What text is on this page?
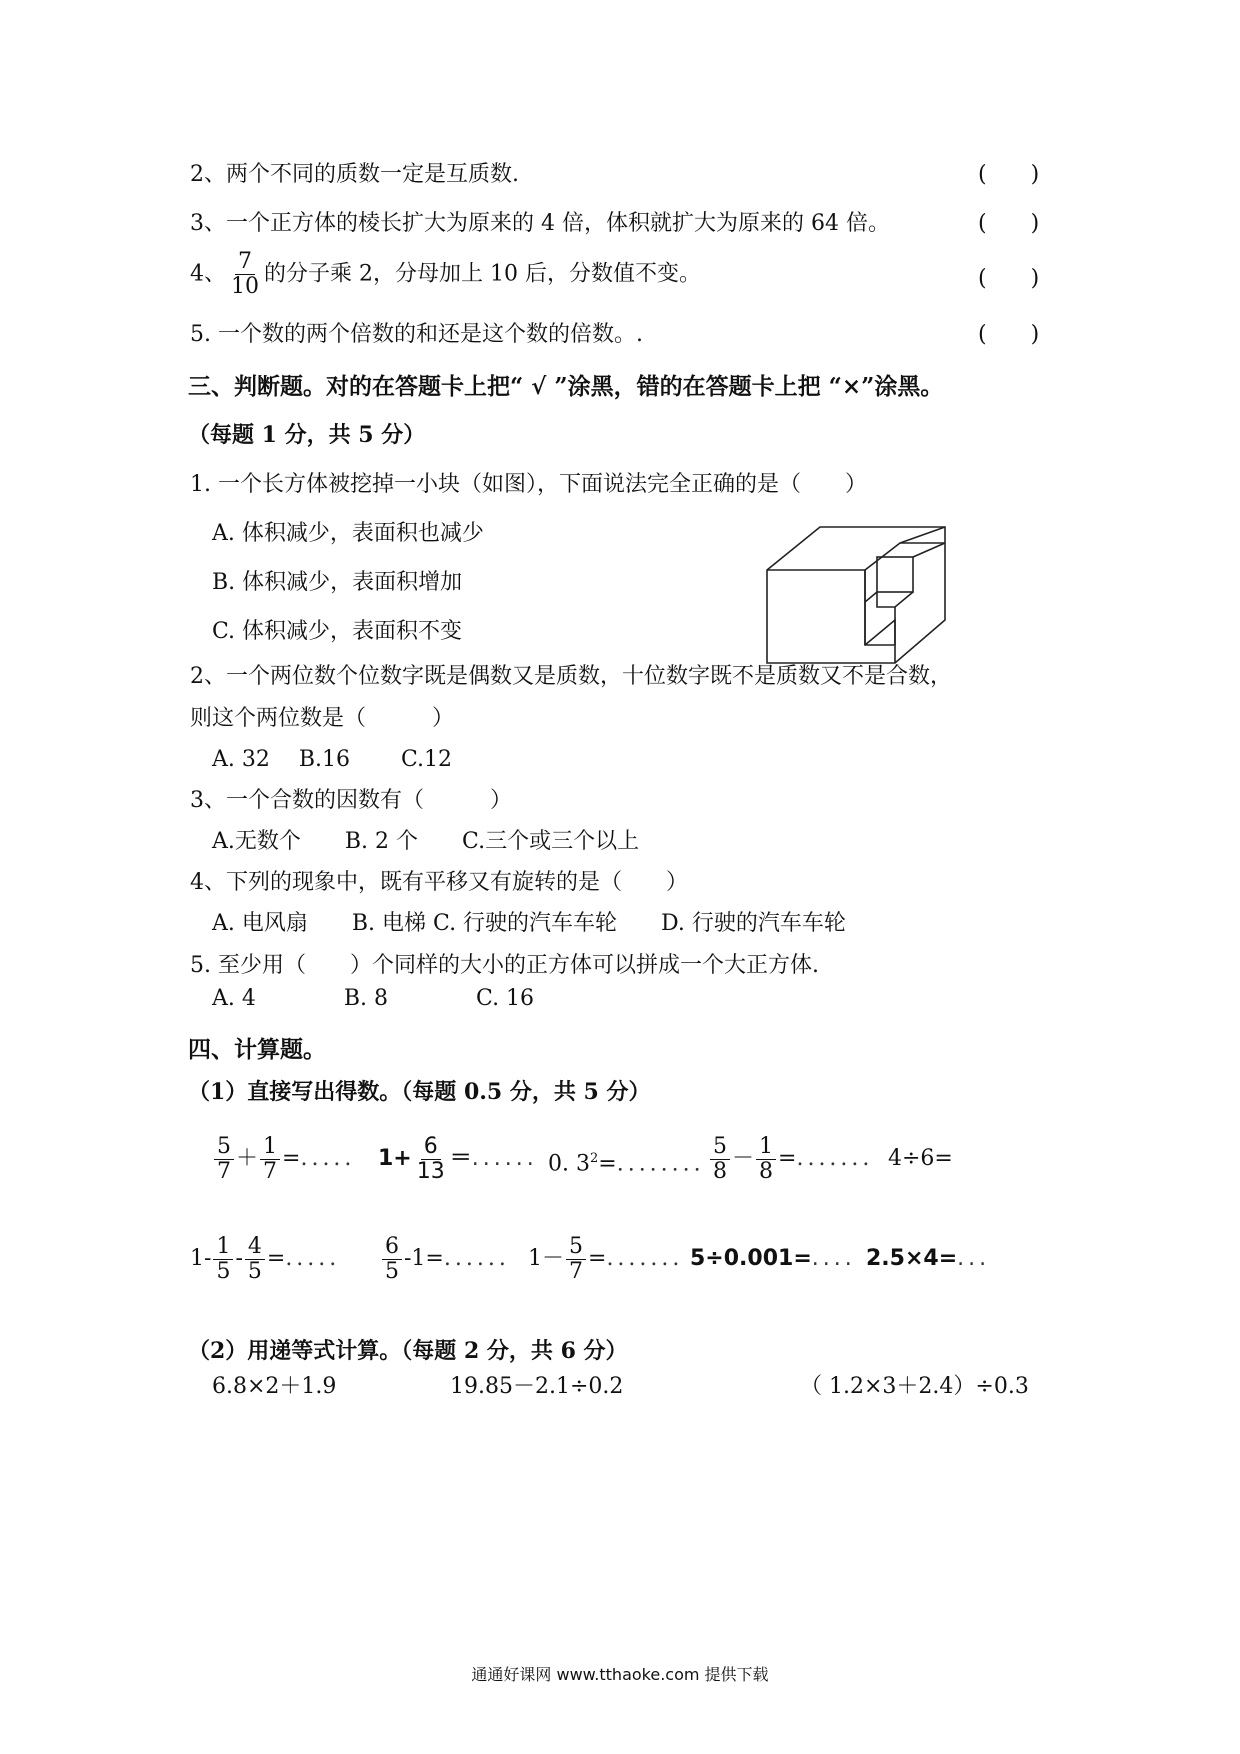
2、两个不同的质数一定是互质数.	(　　)
3、一个正方体的棱长扩大为原来的 4 倍，体积就扩大为原来的 64 倍。	(　　)
4、 $\frac{7}{10}$ 的分子乘 2，分母加上 10 后，分数值不变。	(　　)
5. 一个数的两个倍数的和还是这个数的倍数。.	(　　)
三、判断题。对的在答题卡上把“ √ ”涂黑，错的在答题卡上把 “×”涂黑。
（每题 1 分，共 5 分）
1. 一个长方体被挖掉一小块（如图），下面说法完全正确的是（　　）
A. 体积减少，表面积也减少
B. 体积减少，表面积增加
C. 体积减少，表面积不变
2、一个两位数个位数字既是偶数又是质数，十位数字既不是质数又不是合数，
则这个两位数是（　　　）
A. 32　 B.16　　 C.12
3、一个合数的因数有（　　　）
A.无数个　　B. 2 个　　C.三个或三个以上
4、下列的现象中，既有平移又有旋转的是（　　）
A. 电风扇　　B. 电梯 C. 行驶的汽车车轮　　D. 行驶的汽车车轮
5. 至少用（　　）个同样的大小的正方体可以拼成一个大正方体.
A. 4　　　　B. 8　　　　C. 16
四、计算题。
（1）直接写出得数。（每题 0.5 分，共 5 分）
$\frac{5}{7} + \frac{1}{7}$ =..... $1+ \frac{6}{13}$ ＝...... 0. $3^2=$........ $\frac{5}{8} - \frac{1}{8}$ =....... 4÷6=
$1- \frac{1}{5} - \frac{4}{5}$ =..... $\frac{6}{5} -1=$...... $1- \frac{5}{7}$ =....... 5÷0.001=.... 2.5×4=...
（2）用递等式计算。（每题 2 分，共 6 分）
6.8×2＋1.9	19.85－2.1÷0.2	（ 1.2×3＋2.4）÷0.3
通通好课网 www.tthaoke.com 提供下载
